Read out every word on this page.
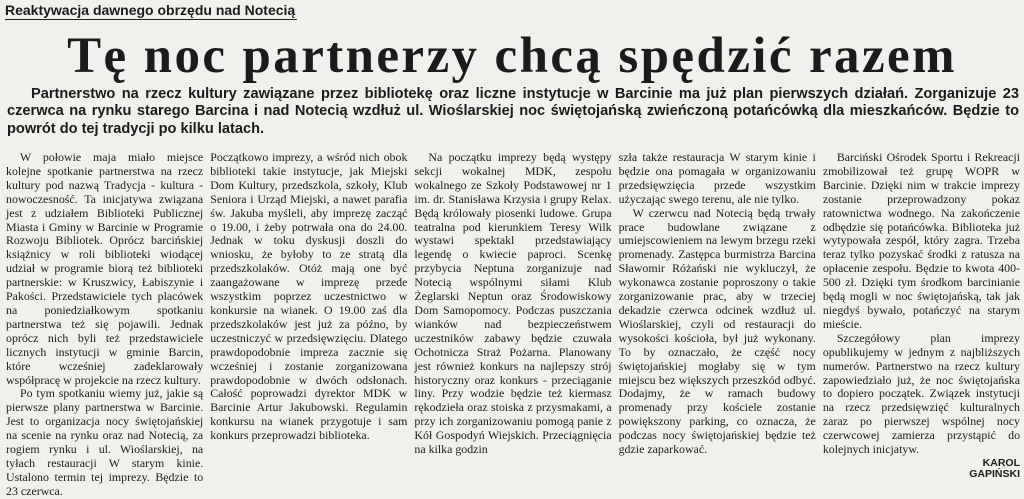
Reaktywacja dawnego obrzędu nad Notecią
Tę noc partnerzy chcą spędzić razem

Partnerstwo na rzecz kultury zawiązane przez bibliotekę oraz liczne instytucje w Barcinie ma już plan pierwszych działań. Zorganizuje 23 czerwca na rynku starego Barcina i nad Notecią wzdłuż ul. Wioślarskiej noc świętojańską zwieńczoną potańcówką dla mieszkańców. Będzie to powrót do tej tradycji po kilku latach.

W połowie maja miało miejsce kolejne spotkanie partnerstwa na rzecz kultury pod nazwą Tradycja - kultura - nowoczesność. Ta inicjatywa związana jest z udziałem Biblioteki Publicznej Miasta i Gminy w Barcinie w Programie Rozwoju Bibliotek. Oprócz barcińskiej książnicy w roli biblioteki wiodącej udział w programie biorą też biblioteki partnerskie: w Kruszwicy, Łabiszynie i Pakości. Przedstawiciele tych placówek na poniedziałkowym spotkaniu partnerstwa też się pojawili. Jednak oprócz nich byli też przedstawiciele licznych instytucji w gminie Barcin, które wcześniej zadeklarowały współpracę w projekcie na rzecz kultury.

Po tym spotkaniu wiemy już, jakie są pierwsze plany partnerstwa w Barcinie. Jest to organizacja nocy świętojańskiej na scenie na rynku oraz nad Notecią, za rogiem rynku i ul. Wioślarskiej, na tyłach restauracji W starym kinie. Ustalono termin tej imprezy. Będzie to 23 czerwca.

Początkowo imprezy, a wśród nich obok biblioteki takie instytucje, jak Miejski Dom Kultury, przedszkola, szkoły, Klub Seniora i Urząd Miejski, a nawet parafia św. Jakuba myśleli, aby imprezę zacząć o 19.00, i żeby potrwała ona do 24.00. Jednak w toku dyskusji doszli do wniosku, że byłoby to ze stratą dla przedszkolaków. Otóż mają one być zaangażowane w imprezę przede wszystkim poprzez uczestnictwo w konkursie na wianek. O 19.00 zaś dla przedszkolaków jest już za późno, by uczestniczyć w przedsięwzięciu. Dlatego prawdopodobnie impreza zacznie się wcześniej i zostanie zorganizowana prawdopodobnie w dwóch odsłonach. Całość poprowadzi dyrektor MDK w Barcinie Artur Jakubowski. Regulamin konkursu na wianek przygotuje i sam konkurs przeprowadzi biblioteka.

Na początku imprezy będą występy sekcji wokalnej MDK, zespołu wokalnego ze Szkoły Podstawowej nr 1 im. dr. Stanisława Krzysia i grupy Relax. Będą królowały piosenki ludowe. Grupa teatralna pod kierunkiem Teresy Wilk wystawi spektakl przedstawiający legendę o kwiecie paproci. Scenkę przybycia Neptuna zorganizuje nad Notecią wspólnymi siłami Klub Żeglarski Neptun oraz Środowiskowy Dom Samopomocy. Podczas puszczania wianków nad bezpieczeństwem uczestników zabawy będzie czuwała Ochotnicza Straż Pożarna. Planowany jest również konkurs na najlepszy strój historyczny oraz konkurs - przeciąganie liny. Przy wodzie będzie też kiermasz rękodzieła oraz stoiska z przysmakami, a przy ich zorganizowaniu pomogą panie z Kół Gospodyń Wiejskich. Przeciągnięcia na kilka godzin

szła także restauracja W starym kinie i będzie ona pomagała w organizowaniu przedsięwzięcia przede wszystkim użyczając swego terenu, ale nie tylko.

W czerwcu nad Notecią będą trwały prace budowlane związane z umiejscowieniem na lewym brzegu rzeki promenady. Zastępca burmistrza Barcina Sławomir Różański nie wykluczył, że wykonawca zostanie poproszony o takie zorganizowanie prac, aby w trzeciej dekadzie czerwca odcinek wzdłuż ul. Wioślarskiej, czyli od restauracji do wysokości kościoła, był już wykonany. To by oznaczało, że część nocy świętojańskiej mogłaby się w tym miejscu bez większych przeszkód odbyć. Dodajmy, że w ramach budowy promenady przy kościele zostanie powiększony parking, co oznacza, że podczas nocy świętojańskiej będzie też gdzie zaparkować.

Barciński Ośrodek Sportu i Rekreacji zmobilizował też grupę WOPR w Barcinie. Dzięki nim w trakcie imprezy zostanie przeprowadzony pokaz ratownictwa wodnego. Na zakończenie odbędzie się potańcówka. Biblioteka już wytypowała zespół, który zagra. Trzeba teraz tylko pozyskać środki z ratusza na opłacenie zespołu. Będzie to kwota 400-500 zł. Dzięki tym środkom barcinianie będą mogli w noc świętojańską, tak jak niegdyś bywało, potańczyć na starym mieście.

Szczegółowy plan imprezy opublikujemy w jednym z najbliższych numerów. Partnerstwo na rzecz kultury zapowiedziało już, że noc świętojańska to dopiero początek. Związek instytucji na rzecz przedsięwzięć kulturalnych zaraz po pierwszej wspólnej nocy czerwcowej zamierza przystąpić do kolejnych inicjatyw.

KAROL
GAPIŃSKI
